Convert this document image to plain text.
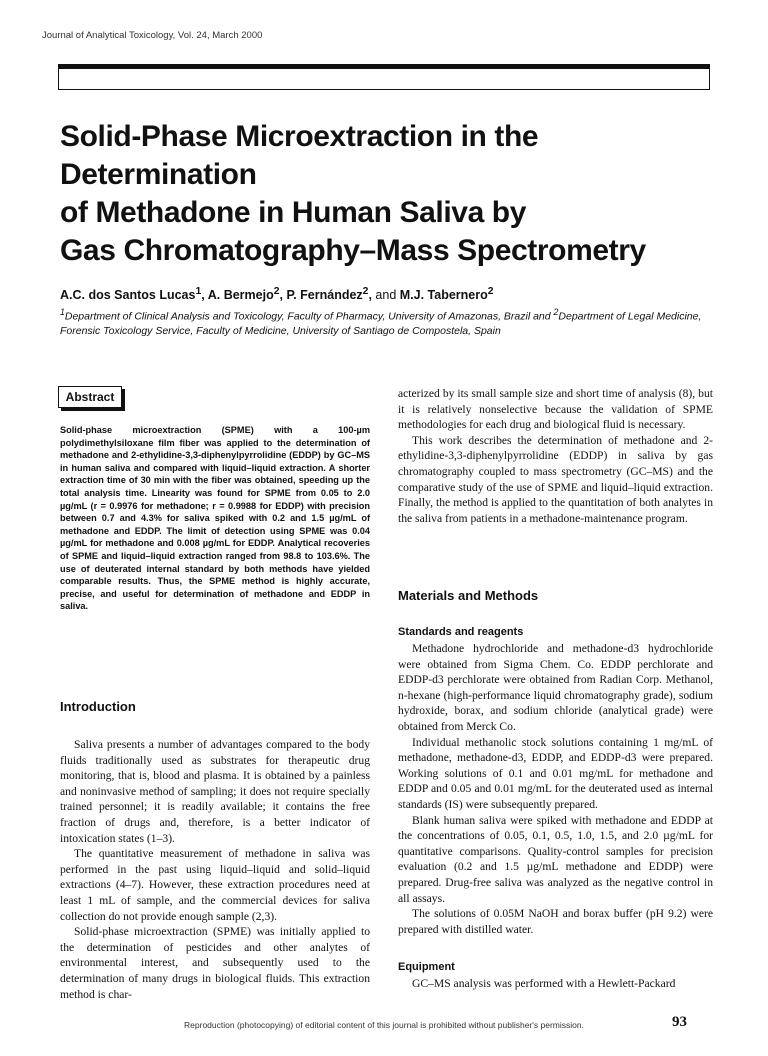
Journal of Analytical Toxicology, Vol. 24, March 2000
Solid-Phase Microextraction in the Determination
of Methadone in Human Saliva by
Gas Chromatography–Mass Spectrometry
A.C. dos Santos Lucas$^1$, A. Bermejo$^2$, P. Fernández$^2$, and M.J. Tabernero$^2$
$^1$Department of Clinical Analysis and Toxicology, Faculty of Pharmacy, University of Amazonas, Brazil and $^2$Department of Legal Medicine, Forensic Toxicology Service, Faculty of Medicine, University of Santiago de Compostela, Spain
Abstract
Solid-phase microextraction (SPME) with a 100-µm polydimethylsiloxane film fiber was applied to the determination of methadone and 2-ethylidine-3,3-diphenylpyrrolidine (EDDP) by GC–MS in human saliva and compared with liquid–liquid extraction. A shorter extraction time of 30 min with the fiber was obtained, speeding up the total analysis time. Linearity was found for SPME from 0.05 to 2.0 µg/mL (r = 0.9976 for methadone; r = 0.9988 for EDDP) with precision between 0.7 and 4.3% for saliva spiked with 0.2 and 1.5 µg/mL of methadone and EDDP. The limit of detection using SPME was 0.04 µg/mL for methadone and 0.008 µg/mL for EDDP. Analytical recoveries of SPME and liquid–liquid extraction ranged from 98.8 to 103.6%. The use of deuterated internal standard by both methods have yielded comparable results. Thus, the SPME method is highly accurate, precise, and useful for determination of methadone and EDDP in saliva.
Introduction

Saliva presents a number of advantages compared to the body fluids traditionally used as substrates for therapeutic drug monitoring, that is, blood and plasma. It is obtained by a painless and noninvasive method of sampling; it does not require specially trained personnel; it is readily available; it contains the free fraction of drugs and, therefore, is a better indicator of intoxication states (1–3).

The quantitative measurement of methadone in saliva was performed in the past using liquid–liquid and solid–liquid extractions (4–7). However, these extraction procedures need at least 1 mL of sample, and the commercial devices for saliva collection do not provide enough sample (2,3).

Solid-phase microextraction (SPME) was initially applied to the determination of pesticides and other analytes of environmental interest, and subsequently used to the determination of many drugs in biological fluids. This extraction method is char-

acterized by its small sample size and short time of analysis (8), but it is relatively nonselective because the validation of SPME methodologies for each drug and biological fluid is necessary.

This work describes the determination of methadone and 2-ethylidine-3,3-diphenylpyrrolidine (EDDP) in saliva by gas chromatography coupled to mass spectrometry (GC–MS) and the comparative study of the use of SPME and liquid–liquid extraction. Finally, the method is applied to the quantitation of both analytes in the saliva from patients in a methadone-maintenance program.

Materials and Methods
Standards and reagents

Methadone hydrochloride and methadone-d3 hydrochloride were obtained from Sigma Chem. Co. EDDP perchlorate and EDDP-d3 perchlorate were obtained from Radian Corp. Methanol, n-hexane (high-performance liquid chromatography grade), sodium hydroxide, borax, and sodium chloride (analytical grade) were obtained from Merck Co.

Individual methanolic stock solutions containing 1 mg/mL of methadone, methadone-d3, EDDP, and EDDP-d3 were prepared. Working solutions of 0.1 and 0.01 mg/mL for methadone and EDDP and 0.05 and 0.01 mg/mL for the deuterated used as internal standards (IS) were subsequently prepared.

Blank human saliva were spiked with methadone and EDDP at the concentrations of 0.05, 0.1, 0.5, 1.0, 1.5, and 2.0 µg/mL for quantitative comparisons. Quality-control samples for precision evaluation (0.2 and 1.5 µg/mL methadone and EDDP) were prepared. Drug-free saliva was analyzed as the negative control in all assays.

The solutions of 0.05M NaOH and borax buffer (pH 9.2) were prepared with distilled water.

Equipment
GC–MS analysis was performed with a Hewlett-Packard
Reproduction (photocopying) of editorial content of this journal is prohibited without publisher's permission.	93
